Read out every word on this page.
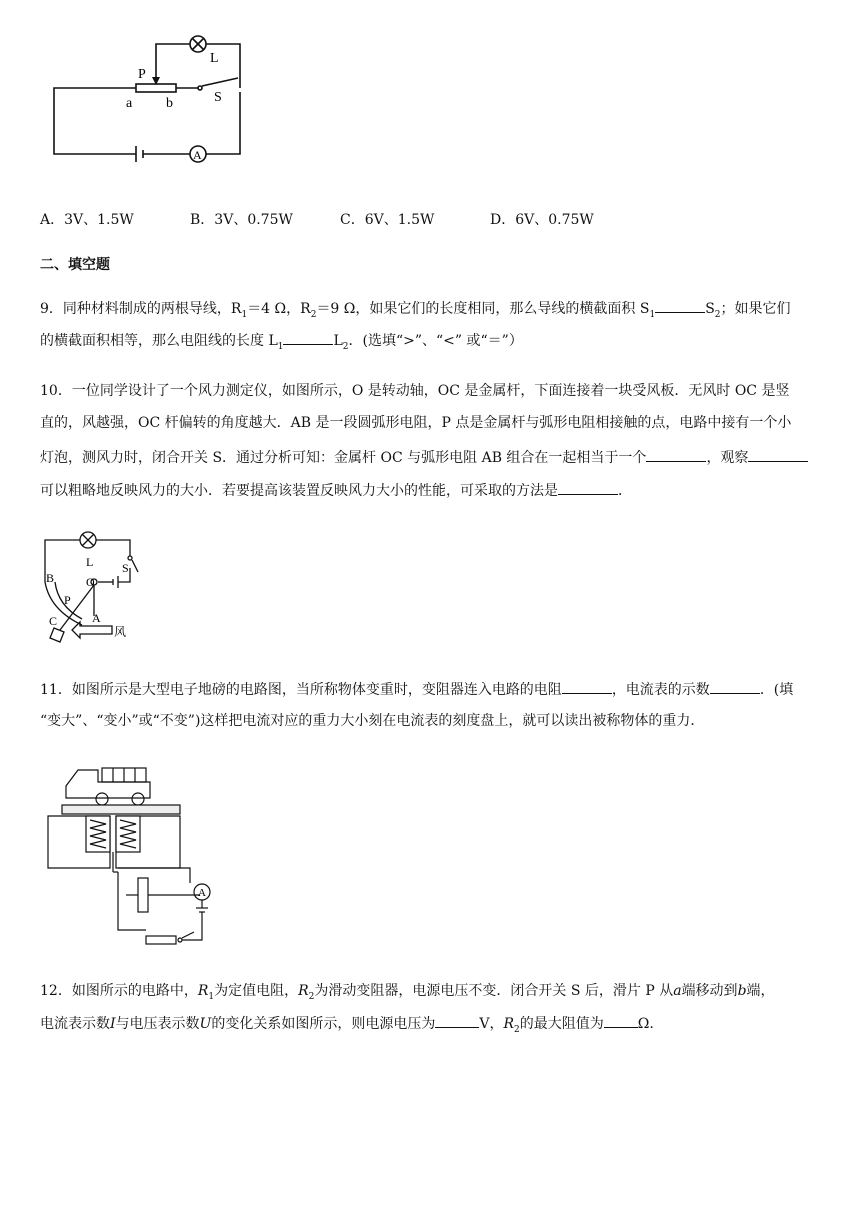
L
P
a b	S
A
A．3V、1.5W	B．3V、0.75W	C．6V、1.5W	D．6V、0.75W
二、填空题
9．同种材料制成的两根导线，$R_1=4$ Ω，$R_2=9$ Ω，如果它们的长度相同，那么导线的横截面积 $S_1$	$S_2$；如果它们
的横截面积相等，那么电阻线的长度 $L_1$	$L_2$．(选填“>”、“<” 或“＝”）
10．一位同学设计了一个风力测定仪，如图所示，O 是转动轴，OC 是金属杆，下面连接着一块受风板．无风时 OC 是竖
直的，风越强，OC 杆偏转的角度越大．AB 是一段圆弧形电阻，P 点是金属杆与弧形电阻相接触的点，电路中接有一个小
灯泡，测风力时，闭合开关 S．通过分析可知：金属杆 OC 与弧形电阻 AB 组合在一起相当于一个	，观察
可以粗略地反映风力的大小．若要提高该装置反映风力大小的性能，可采取的方法是	．
L S
B	O
P
C	A
风
11．如图所示是大型电子地磅的电路图，当所称物体变重时，变阻器连入电路的电阻	，电流表的示数	．(填
“变大”、“变小”或“不变”)这样把电流对应的重力大小刻在电流表的刻度盘上，就可以读出被称物体的重力．
A
12．如图所示的电路中，$R_1$为定值电阻，$R_2$为滑动变阻器，电源电压不变．闭合开关 S 后，滑片 P 从a端移动到b端，
电流表示数I与电压表示数U的变化关系如图所示，则电源电压为	V，$R_2$的最大阻值为 Ω.
